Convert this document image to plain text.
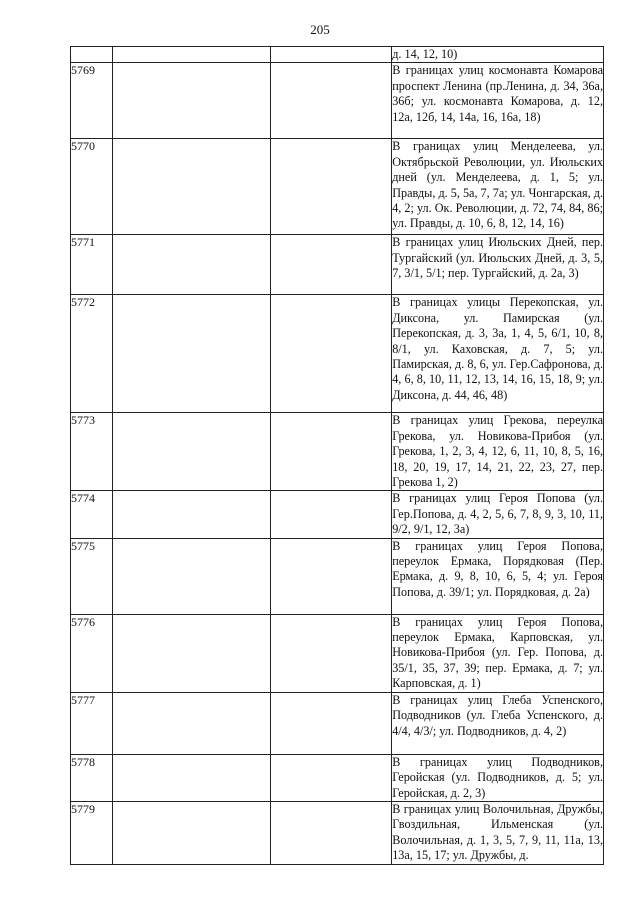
205
			д. 14, 12, 10)
5769			В границах улиц космонавта Комарова проспект Ленина (пр.Ленина, д. 34, 36а, 36б; ул. космонавта Комарова, д. 12, 12а, 12б, 14, 14а, 16, 16а, 18)
5770			В границах улиц Менделеева, ул. Октябрьской Революции, ул. Июльских дней (ул. Менделеева, д. 1, 5; ул. Правды, д. 5, 5а, 7, 7а; ул. Чонгарская, д. 4, 2; ул. Ок. Революции, д. 72, 74, 84, 86; ул. Правды, д. 10, 6, 8, 12, 14, 16)
5771			В границах улиц Июльских Дней, пер. Тургайский (ул. Июльских Дней, д. 3, 5, 7, 3/1, 5/1; пер. Тургайский, д. 2а, 3)
5772			В границах улицы Перекопская, ул. Диксона, ул. Памирская (ул. Перекопская, д. 3, 3а, 1, 4, 5, 6/1, 10, 8, 8/1, ул. Каховская, д. 7, 5; ул. Памирская, д. 8, 6, ул. Гер.Сафронова, д. 4, 6, 8, 10, 11, 12, 13, 14, 16, 15, 18, 9; ул. Диксона, д. 44, 46, 48)
5773			В границах улиц Грекова, переулка Грекова, ул. Новикова-Прибоя (ул. Грекова, 1, 2, 3, 4, 12, 6, 11, 10, 8, 5, 16, 18, 20, 19, 17, 14, 21, 22, 23, 27, пер. Грекова 1, 2)
5774			В границах улиц Героя Попова (ул. Гер.Попова, д. 4, 2, 5, 6, 7, 8, 9, 3, 10, 11, 9/2, 9/1, 12, 3а)
5775			В границах улиц Героя Попова, переулок Ермака, Порядковая (Пер. Ермака, д. 9, 8, 10, 6, 5, 4; ул. Героя Попова, д. 39/1; ул. Порядковая, д. 2а)
5776			В границах улиц Героя Попова, переулок Ермака, Карповская, ул. Новикова-Прибоя (ул. Гер. Попова, д. 35/1, 35, 37, 39; пер. Ермака, д. 7; ул. Карповская, д. 1)
5777			В границах улиц Глеба Успенского, Подводников (ул. Глеба Успенского, д. 4/4, 4/3/; ул. Подводников, д. 4, 2)
5778			В границах улиц Подводников, Геройская (ул. Подводников, д. 5; ул. Геройская, д. 2, 3)
5779			В границах улиц Волочильная, Дружбы, Гвоздильная, Ильменская (ул. Волочильная, д. 1, 3, 5, 7, 9, 11, 11а, 13, 13а, 15, 17; ул. Дружбы, д.
